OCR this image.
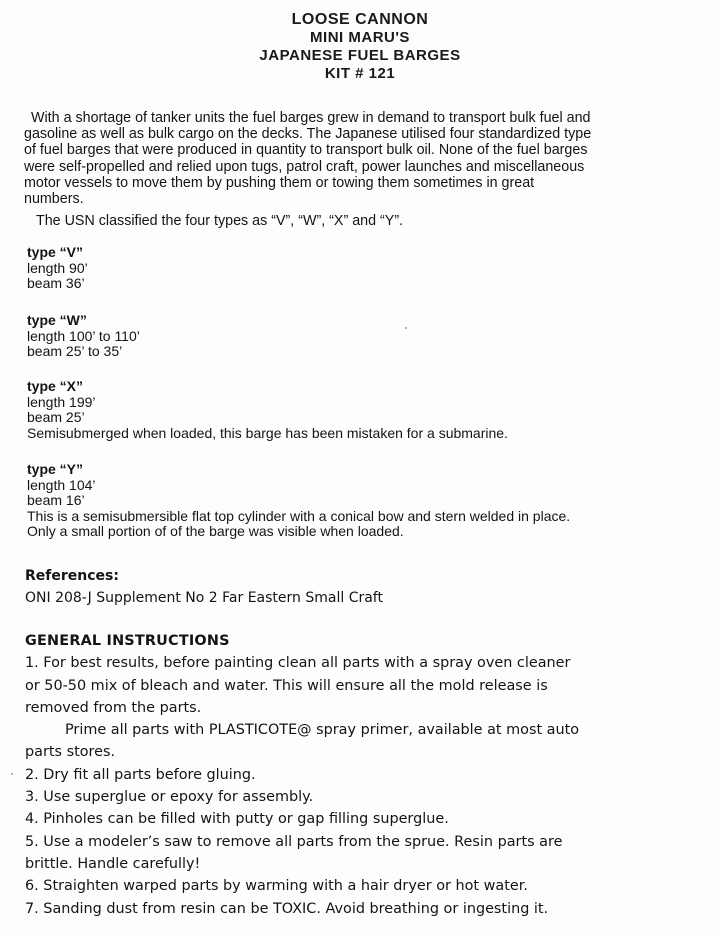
LOOSE CANNON
MINI MARU'S
JAPANESE FUEL BARGES
KIT # 121

With a shortage of tanker units the fuel barges grew in demand to transport bulk fuel and

gasoline as well as bulk cargo on the decks. The Japanese utilised four standardized type

of fuel barges that were produced in quantity to transport bulk oil. None of the fuel barges

were self-propelled and relied upon tugs, patrol craft, power launches and miscellaneous

motor vessels to move them by pushing them or towing them sometimes in great

numbers.

The USN classified the four types as “V”, “W”, “X” and “Y”.
type “V”
length 90’
beam 36’
type “W”
length 100’ to 110’
beam 25’ to 35’
type “X”
length 199’
beam 25’
Semisubmerged when loaded, this barge has been mistaken for a submarine.
type “Y”
length 104’
beam 16’
This is a semisubmersible flat top cylinder with a conical bow and stern welded in place.
Only a small portion of of the barge was visible when loaded.
References:
ONI 208-J Supplement No 2 Far Eastern Small Craft
GENERAL INSTRUCTIONS
1. For best results, before painting clean all parts with a spray oven cleaner
or 50-50 mix of bleach and water. This will ensure all the mold release is
removed from the parts.
Prime all parts with PLASTICOTE@ spray primer, available at most auto
parts stores.
2. Dry fit all parts before gluing.
3. Use superglue or epoxy for assembly.
4. Pinholes can be filled with putty or gap filling superglue.
5. Use a modeler’s saw to remove all parts from the sprue. Resin parts are
brittle. Handle carefully!
6. Straighten warped parts by warming with a hair dryer or hot water.
7. Sanding dust from resin can be TOXIC. Avoid breathing or ingesting it.
